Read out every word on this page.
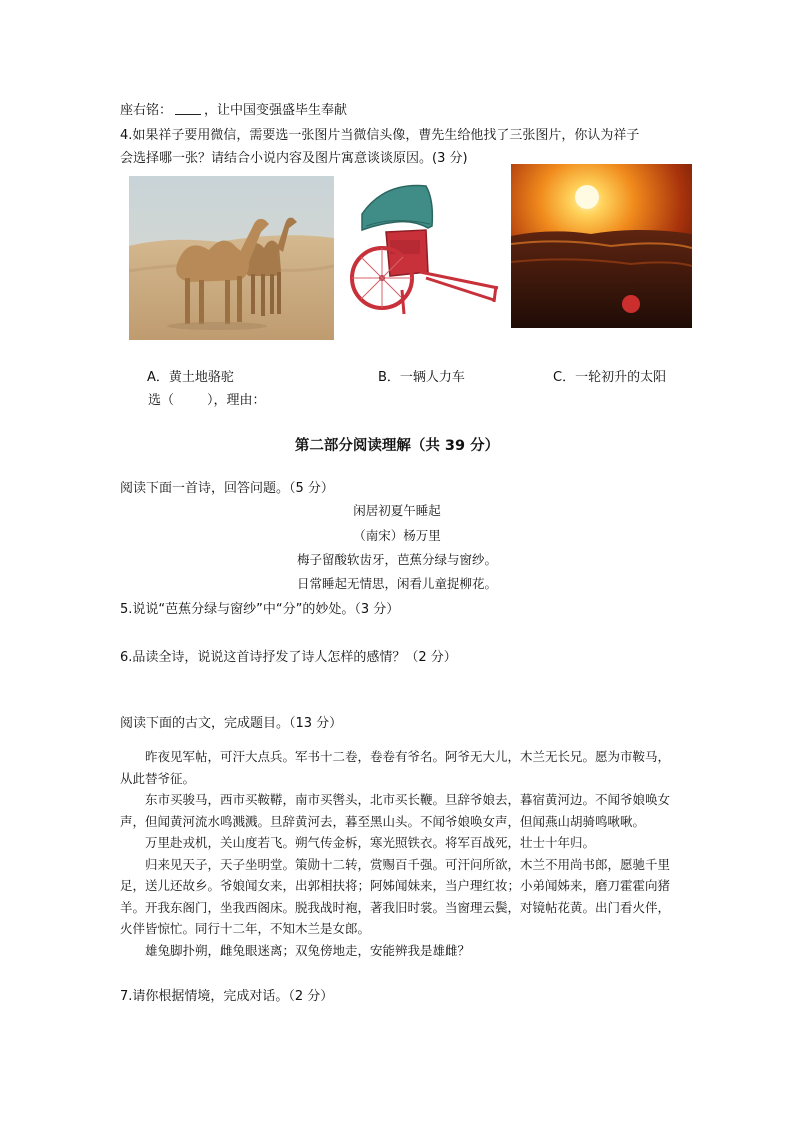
座右铭： ，让中国变强盛毕生奉献
4.如果祥子要用微信，需要选一张图片当微信头像，曹先生给他找了三张图片，你认为祥子
会选择哪一张？请结合小说内容及图片寓意谈谈原因。(3 分)
A．黄土地骆驼	B．一辆人力车	C．一轮初升的太阳
选（        ），理由：
第二部分阅读理解（共 39 分）
阅读下面一首诗，回答问题。（5 分）
闲居初夏午睡起
（南宋）杨万里
梅子留酸软齿牙，芭蕉分绿与窗纱。
日常睡起无情思，闲看儿童捉柳花。
5.说说“芭蕉分绿与窗纱”中“分”的妙处。（3 分）
6.品读全诗，说说这首诗抒发了诗人怎样的感情？（2 分）
阅读下面的古文，完成题目。（13 分）

昨夜见军帖，可汗大点兵。军书十二卷，卷卷有爷名。阿爷无大儿，木兰无长兄。愿为市鞍马，从此替爷征。

东市买骏马，西市买鞍鞯，南市买辔头，北市买长鞭。旦辞爷娘去，暮宿黄河边。不闻爷娘唤女声，但闻黄河流水鸣溅溅。旦辞黄河去，暮至黑山头。不闻爷娘唤女声，但闻燕山胡骑鸣啾啾。

万里赴戎机，关山度若飞。朔气传金柝，寒光照铁衣。将军百战死，壮士十年归。

归来见天子，天子坐明堂。策勋十二转，赏赐百千强。可汗问所欲，木兰不用尚书郎，愿驰千里足，送儿还故乡。爷娘闻女来，出郭相扶将；阿姊闻妹来，当户理红妆；小弟闻姊来，磨刀霍霍向猪羊。开我东阁门，坐我西阁床。脱我战时袍，著我旧时裳。当窗理云鬓，对镜帖花黄。出门看火伴，火伴皆惊忙。同行十二年，不知木兰是女郎。

雄兔脚扑朔，雌兔眼迷离；双兔傍地走，安能辨我是雄雌？

7.请你根据情境，完成对话。（2 分）
